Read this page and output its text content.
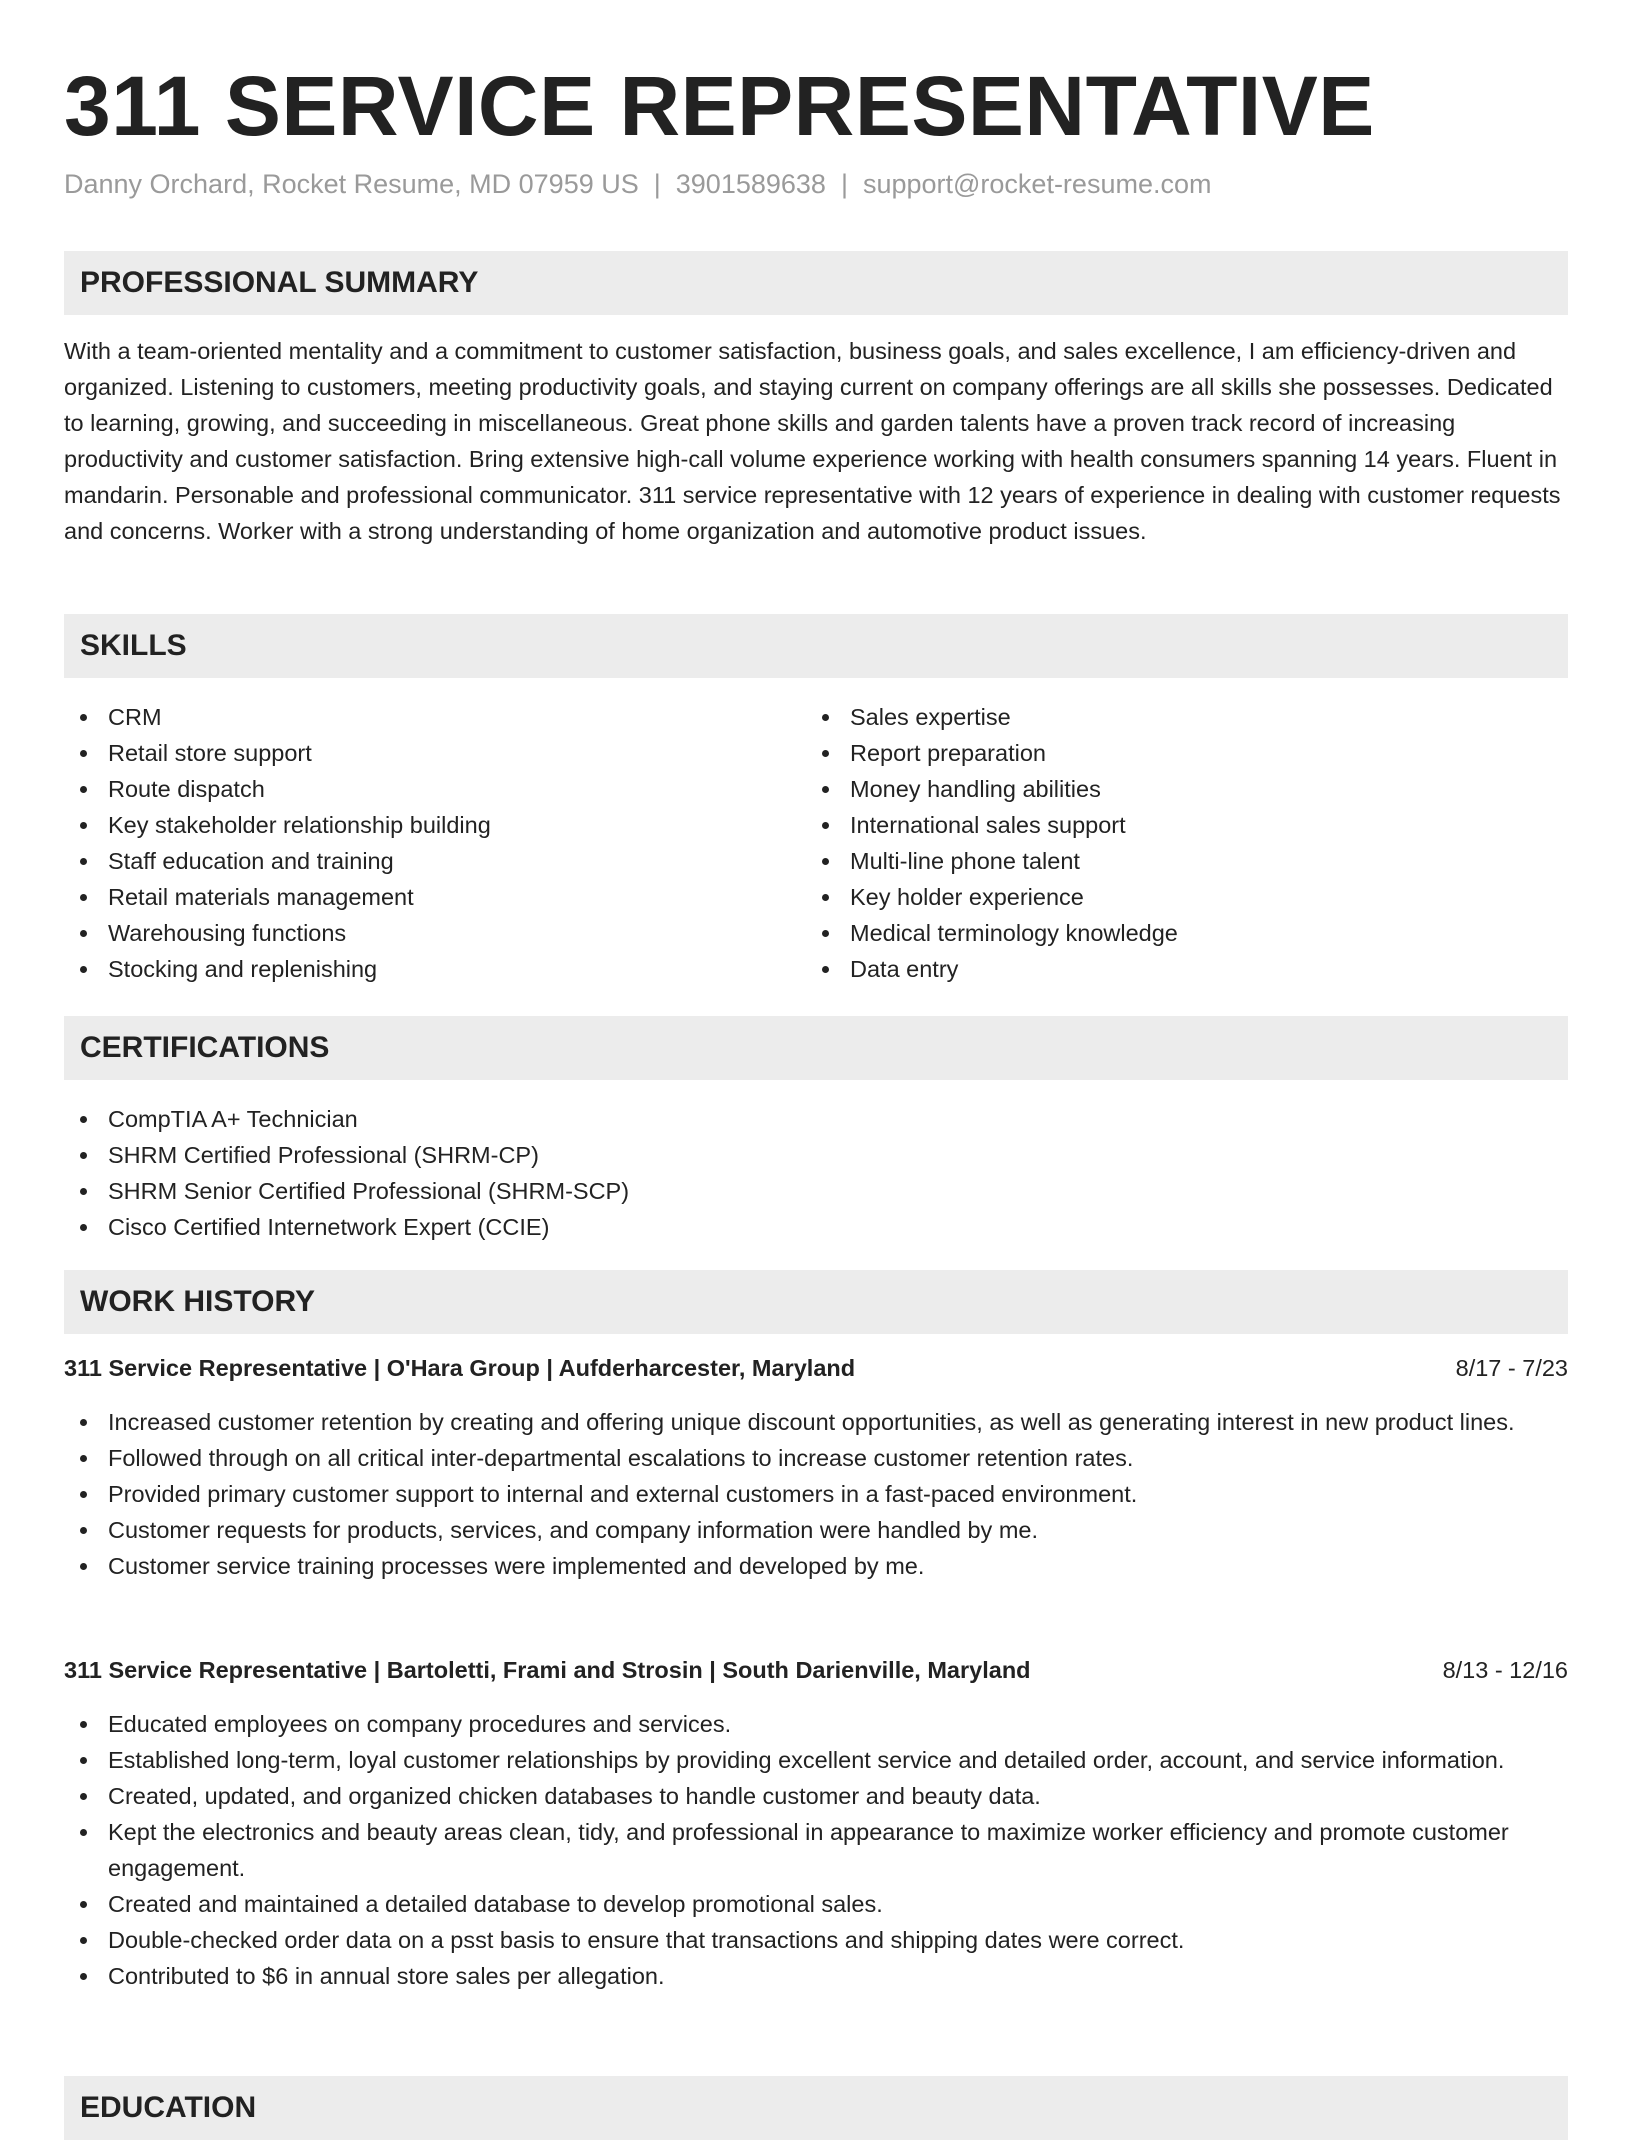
311 SERVICE REPRESENTATIVE
Danny Orchard, Rocket Resume, MD 07959 US | 3901589638 | support@rocket-resume.com
PROFESSIONAL SUMMARY

With a team-oriented mentality and a commitment to customer satisfaction, business goals, and sales excellence, I am efficiency-driven and organized. Listening to customers, meeting productivity goals, and staying current on company offerings are all skills she possesses. Dedicated to learning, growing, and succeeding in miscellaneous. Great phone skills and garden talents have a proven track record of increasing productivity and customer satisfaction. Bring extensive high-call volume experience working with health consumers spanning 14 years. Fluent in mandarin. Personable and professional communicator. 311 service representative with 12 years of experience in dealing with customer requests and concerns. Worker with a strong understanding of home organization and automotive product issues.

SKILLS
CRM
Retail store support
Route dispatch
Key stakeholder relationship building
Staff education and training
Retail materials management
Warehousing functions
Stocking and replenishing
Sales expertise
Report preparation
Money handling abilities
International sales support
Multi-line phone talent
Key holder experience
Medical terminology knowledge
Data entry
CERTIFICATIONS
CompTIA A+ Technician
SHRM Certified Professional (SHRM-CP)
SHRM Senior Certified Professional (SHRM-SCP)
Cisco Certified Internetwork Expert (CCIE)
WORK HISTORY
311 Service Representative | O'Hara Group | Aufderharcester, Maryland	8/17 - 7/23
Increased customer retention by creating and offering unique discount opportunities, as well as generating interest in new product lines.
Followed through on all critical inter-departmental escalations to increase customer retention rates.
Provided primary customer support to internal and external customers in a fast-paced environment.
Customer requests for products, services, and company information were handled by me.
Customer service training processes were implemented and developed by me.
311 Service Representative | Bartoletti, Frami and Strosin | South Darienville, Maryland	8/13 - 12/16
Educated employees on company procedures and services.
Established long-term, loyal customer relationships by providing excellent service and detailed order, account, and service information.
Created, updated, and organized chicken databases to handle customer and beauty data.
Kept the electronics and beauty areas clean, tidy, and professional in appearance to maximize worker efficiency and promote customer engagement.
Created and maintained a detailed database to develop promotional sales.
Double-checked order data on a psst basis to ensure that transactions and shipping dates were correct.
Contributed to $6 in annual store sales per allegation.
EDUCATION
